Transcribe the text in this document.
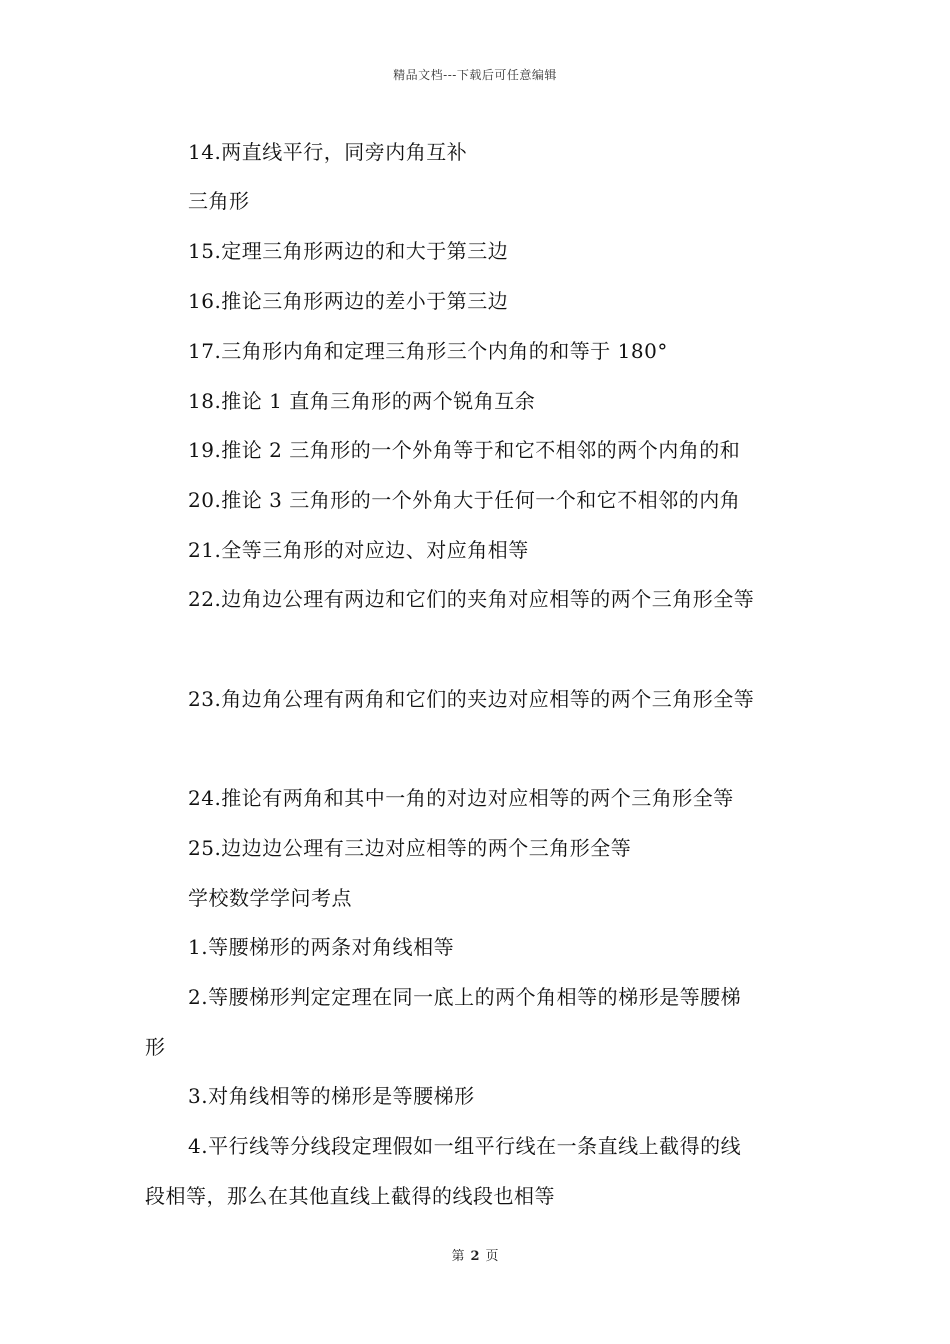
精品文档---下载后可任意编辑
14.两直线平行，同旁内角互补
三角形
15.定理三角形两边的和大于第三边
16.推论三角形两边的差小于第三边
17.三角形内角和定理三角形三个内角的和等于 180°
18.推论 1 直角三角形的两个锐角互余
19.推论 2 三角形的一个外角等于和它不相邻的两个内角的和
20.推论 3 三角形的一个外角大于任何一个和它不相邻的内角
21.全等三角形的对应边、对应角相等
22.边角边公理有两边和它们的夹角对应相等的两个三角形全等
23.角边角公理有两角和它们的夹边对应相等的两个三角形全等
24.推论有两角和其中一角的对边对应相等的两个三角形全等
25.边边边公理有三边对应相等的两个三角形全等
学校数学学问考点
1.等腰梯形的两条对角线相等
2.等腰梯形判定定理在同一底上的两个角相等的梯形是等腰梯
形
3.对角线相等的梯形是等腰梯形
4.平行线等分线段定理假如一组平行线在一条直线上截得的线
段相等，那么在其他直线上截得的线段也相等
第 2 页
